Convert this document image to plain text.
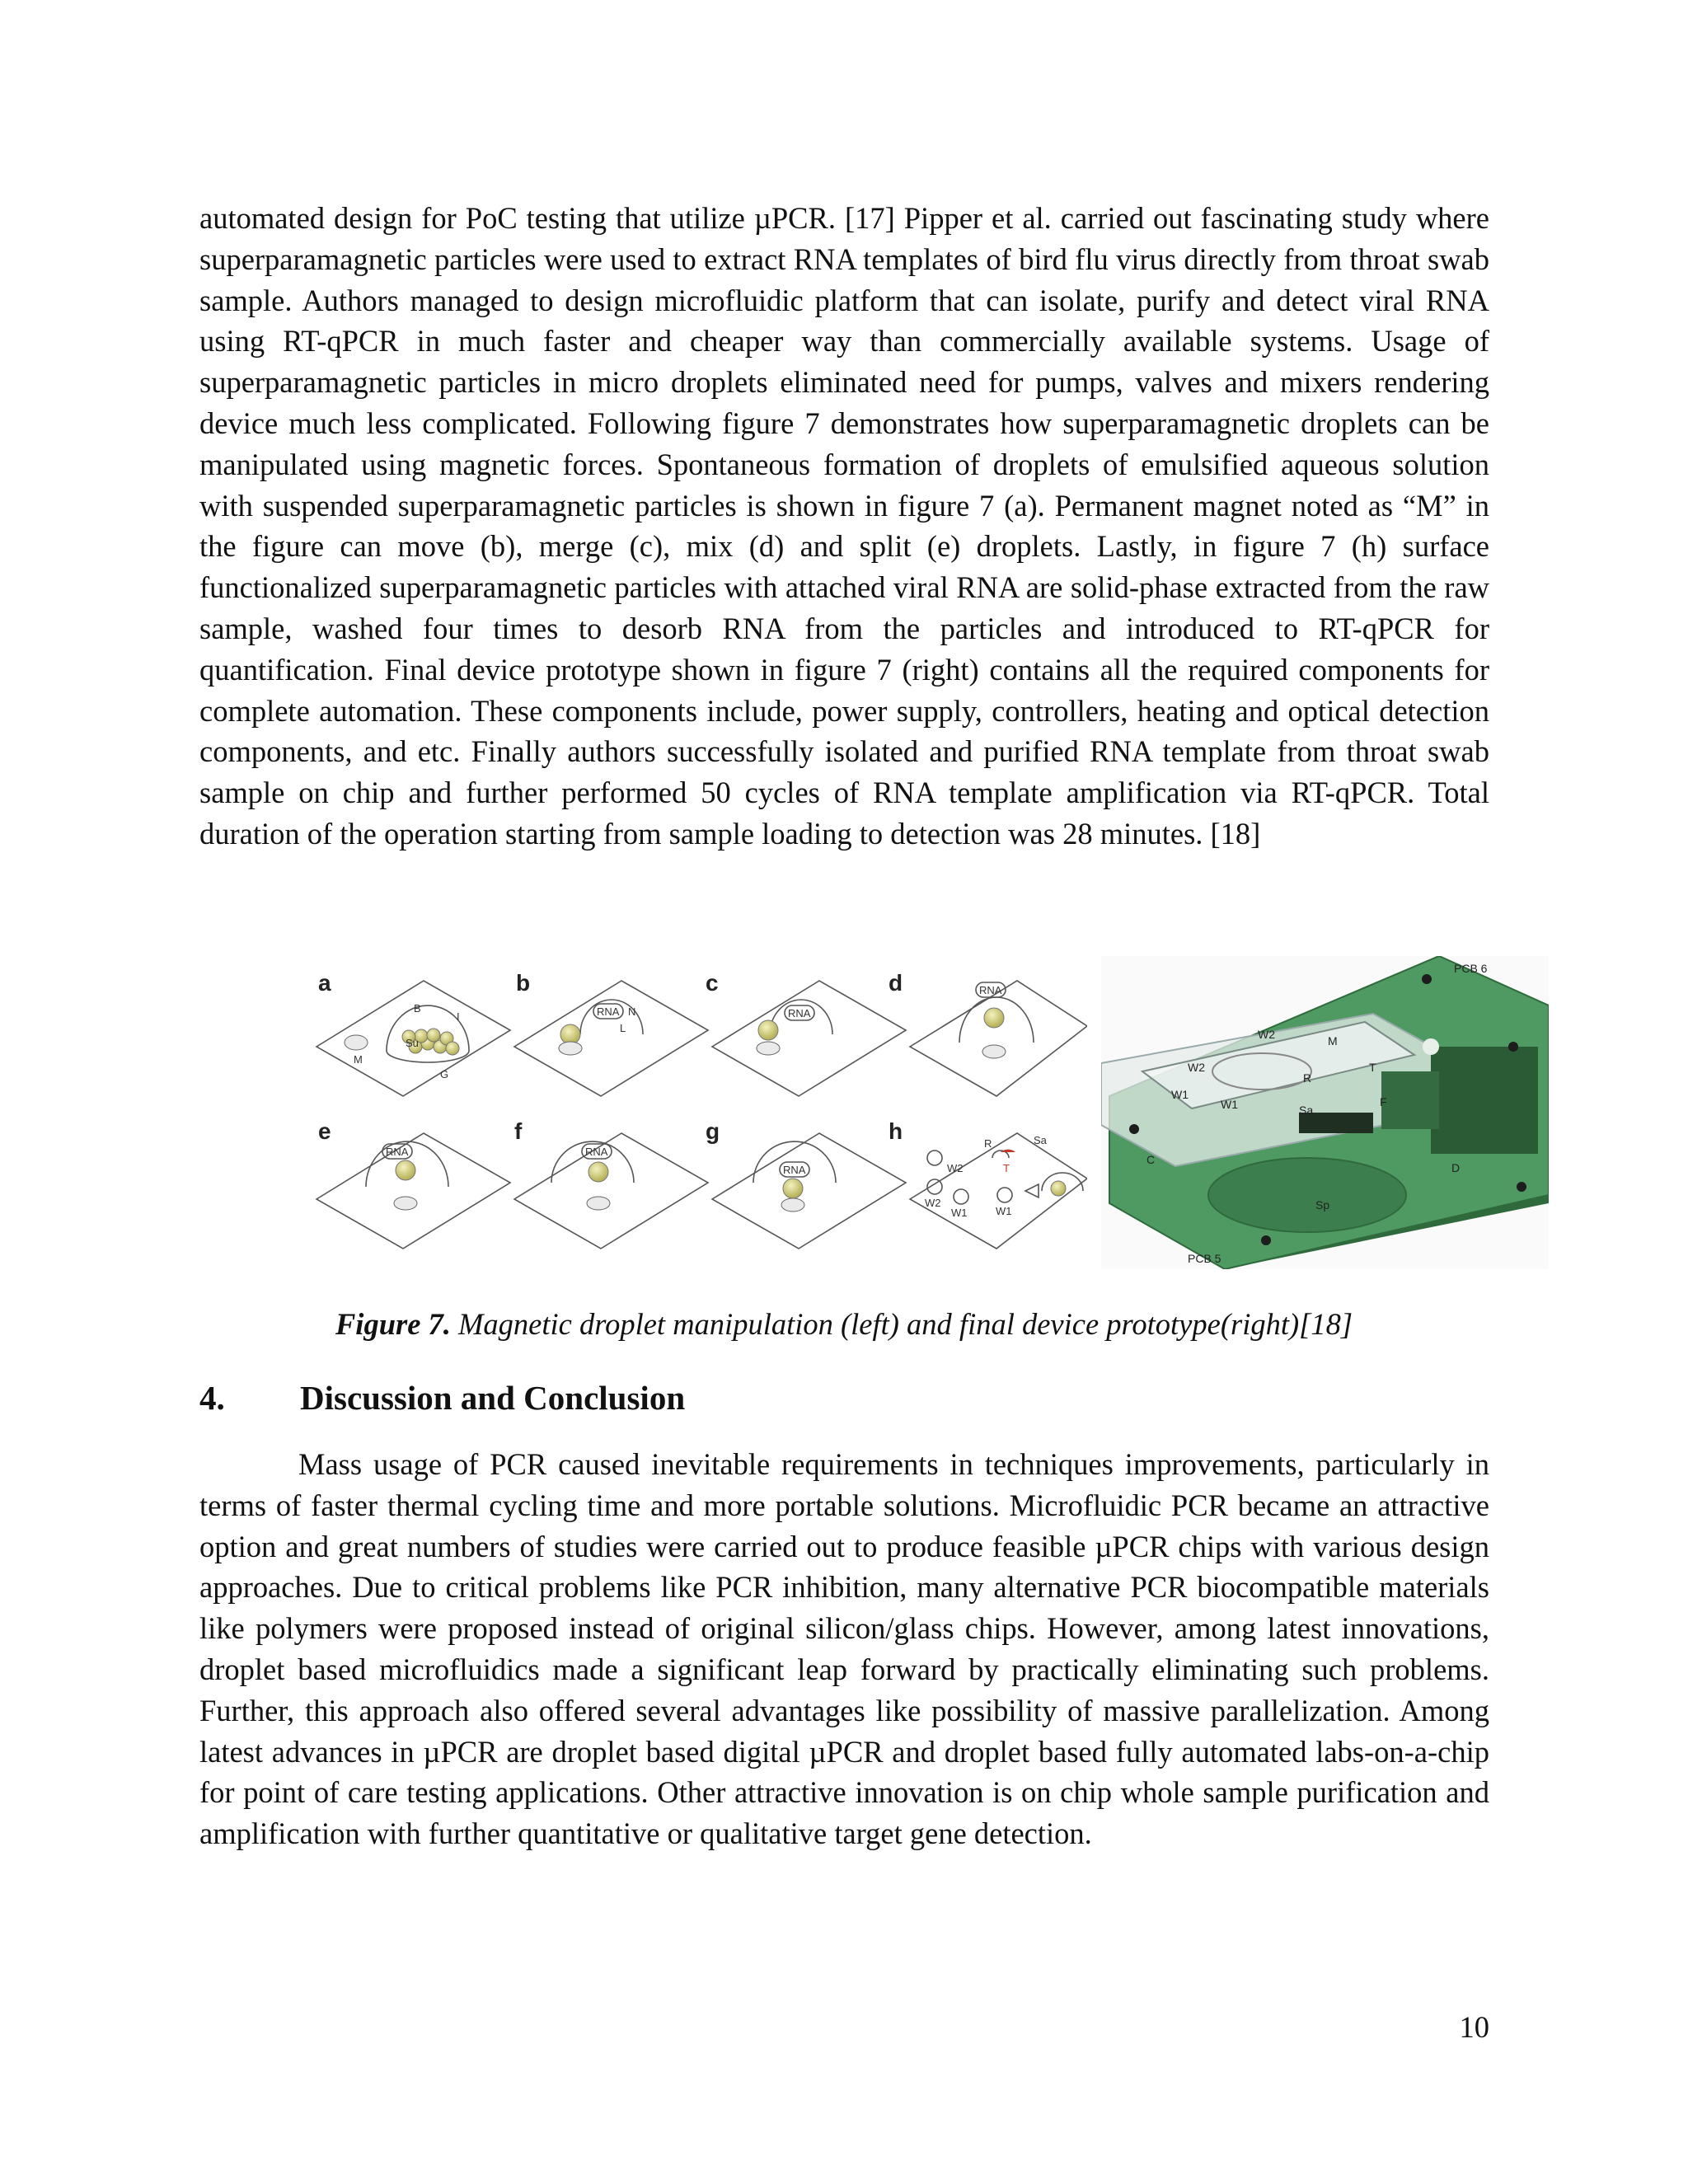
automated design for PoC testing that utilize µPCR. [17] Pipper et al. carried out fascinating study where superparamagnetic particles were used to extract RNA templates of bird flu virus directly from throat swab sample. Authors managed to design microfluidic platform that can isolate, purify and detect viral RNA using RT-qPCR in much faster and cheaper way than commercially available systems. Usage of superparamagnetic particles in micro droplets eliminated need for pumps, valves and mixers rendering device much less complicated. Following figure 7 demonstrates how superparamagnetic droplets can be manipulated using magnetic forces. Spontaneous formation of droplets of emulsified aqueous solution with suspended superparamagnetic particles is shown in figure 7 (a). Permanent magnet noted as “M” in the figure can move (b), merge (c), mix (d) and split (e) droplets. Lastly, in figure 7 (h) surface functionalized superparamagnetic particles with attached viral RNA are solid-phase extracted from the raw sample, washed four times to desorb RNA from the particles and introduced to RT-qPCR for quantification. Final device prototype shown in figure 7 (right) contains all the required components for complete automation. These components include, power supply, controllers, heating and optical detection components, and etc. Finally authors successfully isolated and purified RNA template from throat swab sample on chip and further performed 50 cycles of RNA template amplification via RT-qPCR. Total duration of the operation starting from sample loading to detection was 28 minutes. [18]

a	b	c	d
e	f	g	h
B
I
Su
M
G
RNA N
L
RNA
RNA
RNA	RNA
RNA
R
T
Sa
W2
W2
W1	W1
PCB 6
PCB 5
W2
W2
M
W1
W1
R
T
Sa
F
C
D
Sp
Figure 7. Magnetic droplet manipulation (left) and final device prototype(right)[18]
4. Discussion and Conclusion

Mass usage of PCR caused inevitable requirements in techniques improvements, particularly in terms of faster thermal cycling time and more portable solutions. Microfluidic PCR became an attractive option and great numbers of studies were carried out to produce feasible µPCR chips with various design approaches. Due to critical problems like PCR inhibition, many alternative PCR biocompatible materials like polymers were proposed instead of original silicon/glass chips. However, among latest innovations, droplet based microfluidics made a significant leap forward by practically eliminating such problems. Further, this approach also offered several advantages like possibility of massive parallelization. Among latest advances in µPCR are droplet based digital µPCR and droplet based fully automated labs-on-a-chip for point of care testing applications. Other attractive innovation is on chip whole sample purification and amplification with further quantitative or qualitative target gene detection.

10
